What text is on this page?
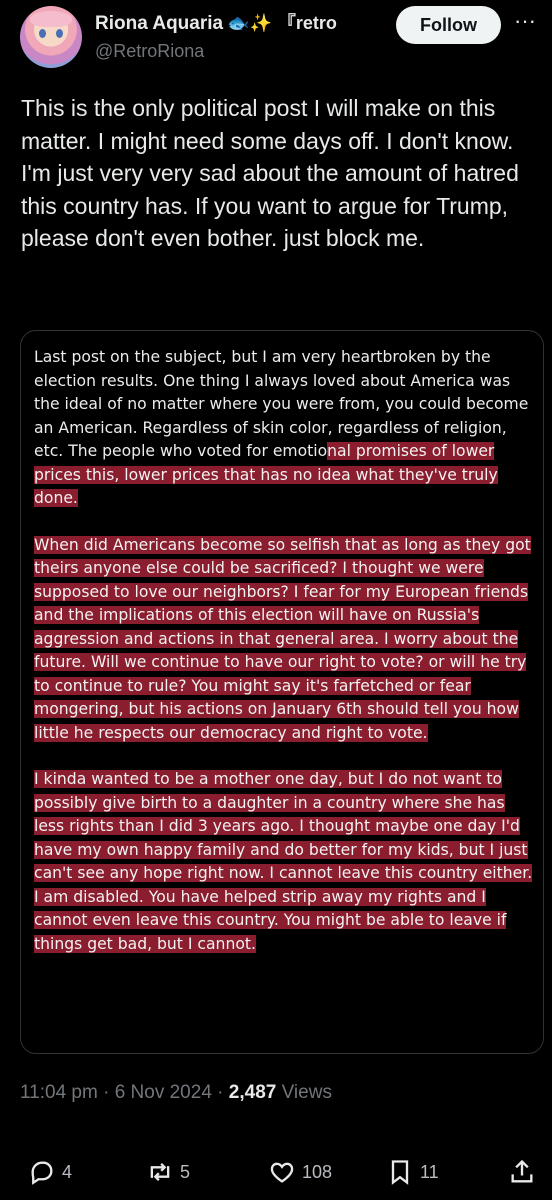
Riona Aquaria 🐟✨ 『retro
@RetroRiona
Follow	···

This is the only political post I will make on this matter. I might need some days off. I don't know. I'm just very very sad about the amount of hatred this country has. If you want to argue for Trump, please don't even bother. just block me.

Last post on the subject, but I am very heartbroken by the election results. One thing I always loved about America was the ideal of no matter where you were from, you could become an American. Regardless of skin color, regardless of religion, etc. The people who voted for emotional promises of lower prices this, lower prices that has no idea what they've truly done.

When did Americans become so selfish that as long as they got theirs anyone else could be sacrificed? I thought we were supposed to love our neighbors? I fear for my European friends and the implications of this election will have on Russia's aggression and actions in that general area. I worry about the future. Will we continue to have our right to vote? or will he try to continue to rule? You might say it's farfetched or fear mongering, but his actions on January 6th should tell you how little he respects our democracy and right to vote.

I kinda wanted to be a mother one day, but I do not want to possibly give birth to a daughter in a country where she has less rights than I did 3 years ago. I thought maybe one day I'd have my own happy family and do better for my kids, but I just can't see any hope right now. I cannot leave this country either. I am disabled. You have helped strip away my rights and I cannot even leave this country. You might be able to leave if things get bad, but I cannot.

11:04 pm · 6 Nov 2024 · 2,487 Views
4	5	108	11
